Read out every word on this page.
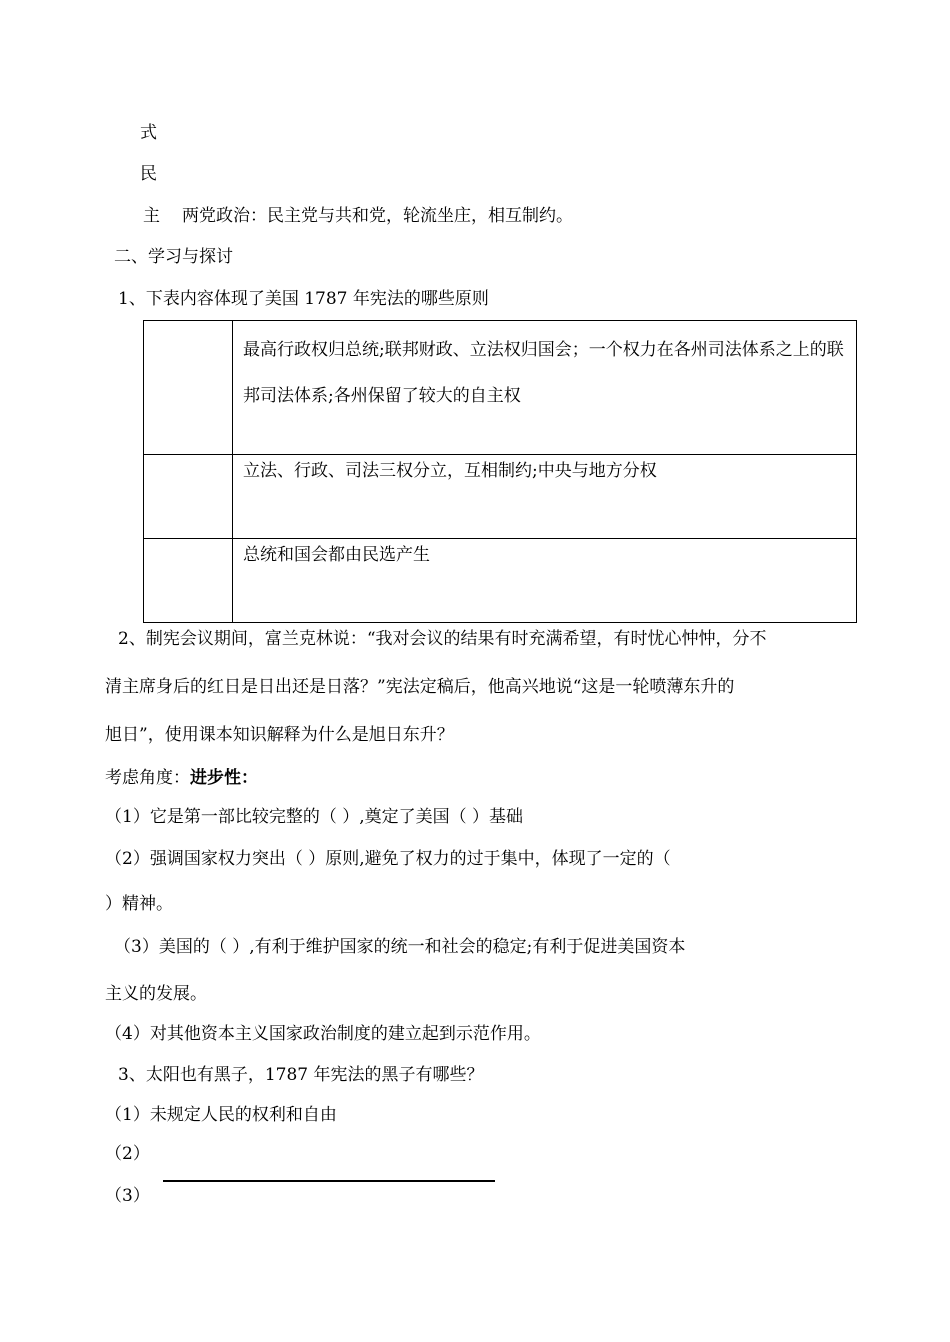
式
民
主 两党政治：民主党与共和党，轮流坐庄，相互制约。
二、学习与探讨
1、下表内容体现了美国 1787 年宪法的哪些原则

	最高行政权归总统;联邦财政、立法权归国会；一个权力在各州司法体系之上的联邦司法体系;各州保留了较大的自主权

	立法、行政、司法三权分立，互相制约;中央与地方分权

	总统和国会都由民选产生
2、制宪会议期间，富兰克林说：“我对会议的结果有时充满希望，有时忧心忡忡，分不
清主席身后的红日是日出还是日落？”宪法定稿后，他高兴地说“这是一轮喷薄东升的
旭日”，使用课本知识解释为什么是旭日东升？
考虑角度：进步性：
（1）它是第一部比较完整的（ ）,奠定了美国（ ）基础
（2）强调国家权力突出（ ）原则,避免了权力的过于集中，体现了一定的（
）精神。
（3）美国的（ ）,有利于维护国家的统一和社会的稳定;有利于促进美国资本
主义的发展。
（4）对其他资本主义国家政治制度的建立起到示范作用。
3、太阳也有黑子，1787 年宪法的黑子有哪些？
（1）未规定人民的权利和自由
（2）
（3）
